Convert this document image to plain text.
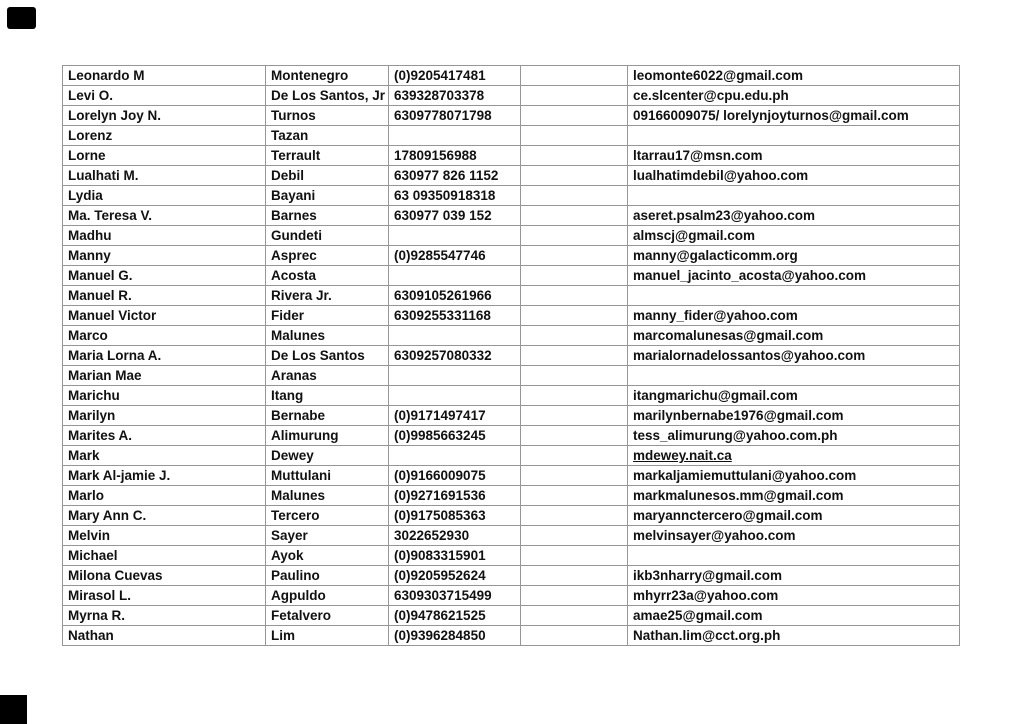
Leonardo M	Montenegro	(0)9205417481		leomonte6022@gmail.com
Levi O.	De Los Santos, Jr	639328703378		ce.slcenter@cpu.edu.ph
Lorelyn Joy N.	Turnos	6309778071798		09166009075/ lorelynjoyturnos@gmail.com
Lorenz	Tazan			
Lorne	Terrault	17809156988		ltarrau17@msn.com
Lualhati M.	Debil	630977 826 1152		lualhatimdebil@yahoo.com
Lydia	Bayani	63 09350918318		
Ma. Teresa V.	Barnes	630977 039 152		aseret.psalm23@yahoo.com
Madhu	Gundeti			almscj@gmail.com
Manny	Asprec	(0)9285547746		manny@galacticomm.org
Manuel G.	Acosta			manuel_jacinto_acosta@yahoo.com
Manuel R.	Rivera Jr.	6309105261966		
Manuel Victor	Fider	6309255331168		manny_fider@yahoo.com
Marco	Malunes			marcomalunesas@gmail.com
Maria Lorna A.	De Los Santos	6309257080332		marialornadelossantos@yahoo.com
Marian Mae	Aranas			
Marichu	Itang			itangmarichu@gmail.com
Marilyn	Bernabe	(0)9171497417		marilynbernabe1976@gmail.com
Marites A.	Alimurung	(0)9985663245		tess_alimurung@yahoo.com.ph
Mark	Dewey			mdewey.nait.ca
Mark Al-jamie J.	Muttulani	(0)9166009075		markaljamiemuttulani@yahoo.com
Marlo	Malunes	(0)9271691536		markmalunesos.mm@gmail.com
Mary Ann C.	Tercero	(0)9175085363		maryannctercero@gmail.com
Melvin	Sayer	3022652930		melvinsayer@yahoo.com
Michael	Ayok	(0)9083315901		
Milona Cuevas	Paulino	(0)9205952624		ikb3nharry@gmail.com
Mirasol L.	Agpuldo	6309303715499		mhyrr23a@yahoo.com
Myrna R.	Fetalvero	(0)9478621525		amae25@gmail.com
Nathan	Lim	(0)9396284850		Nathan.lim@cct.org.ph
